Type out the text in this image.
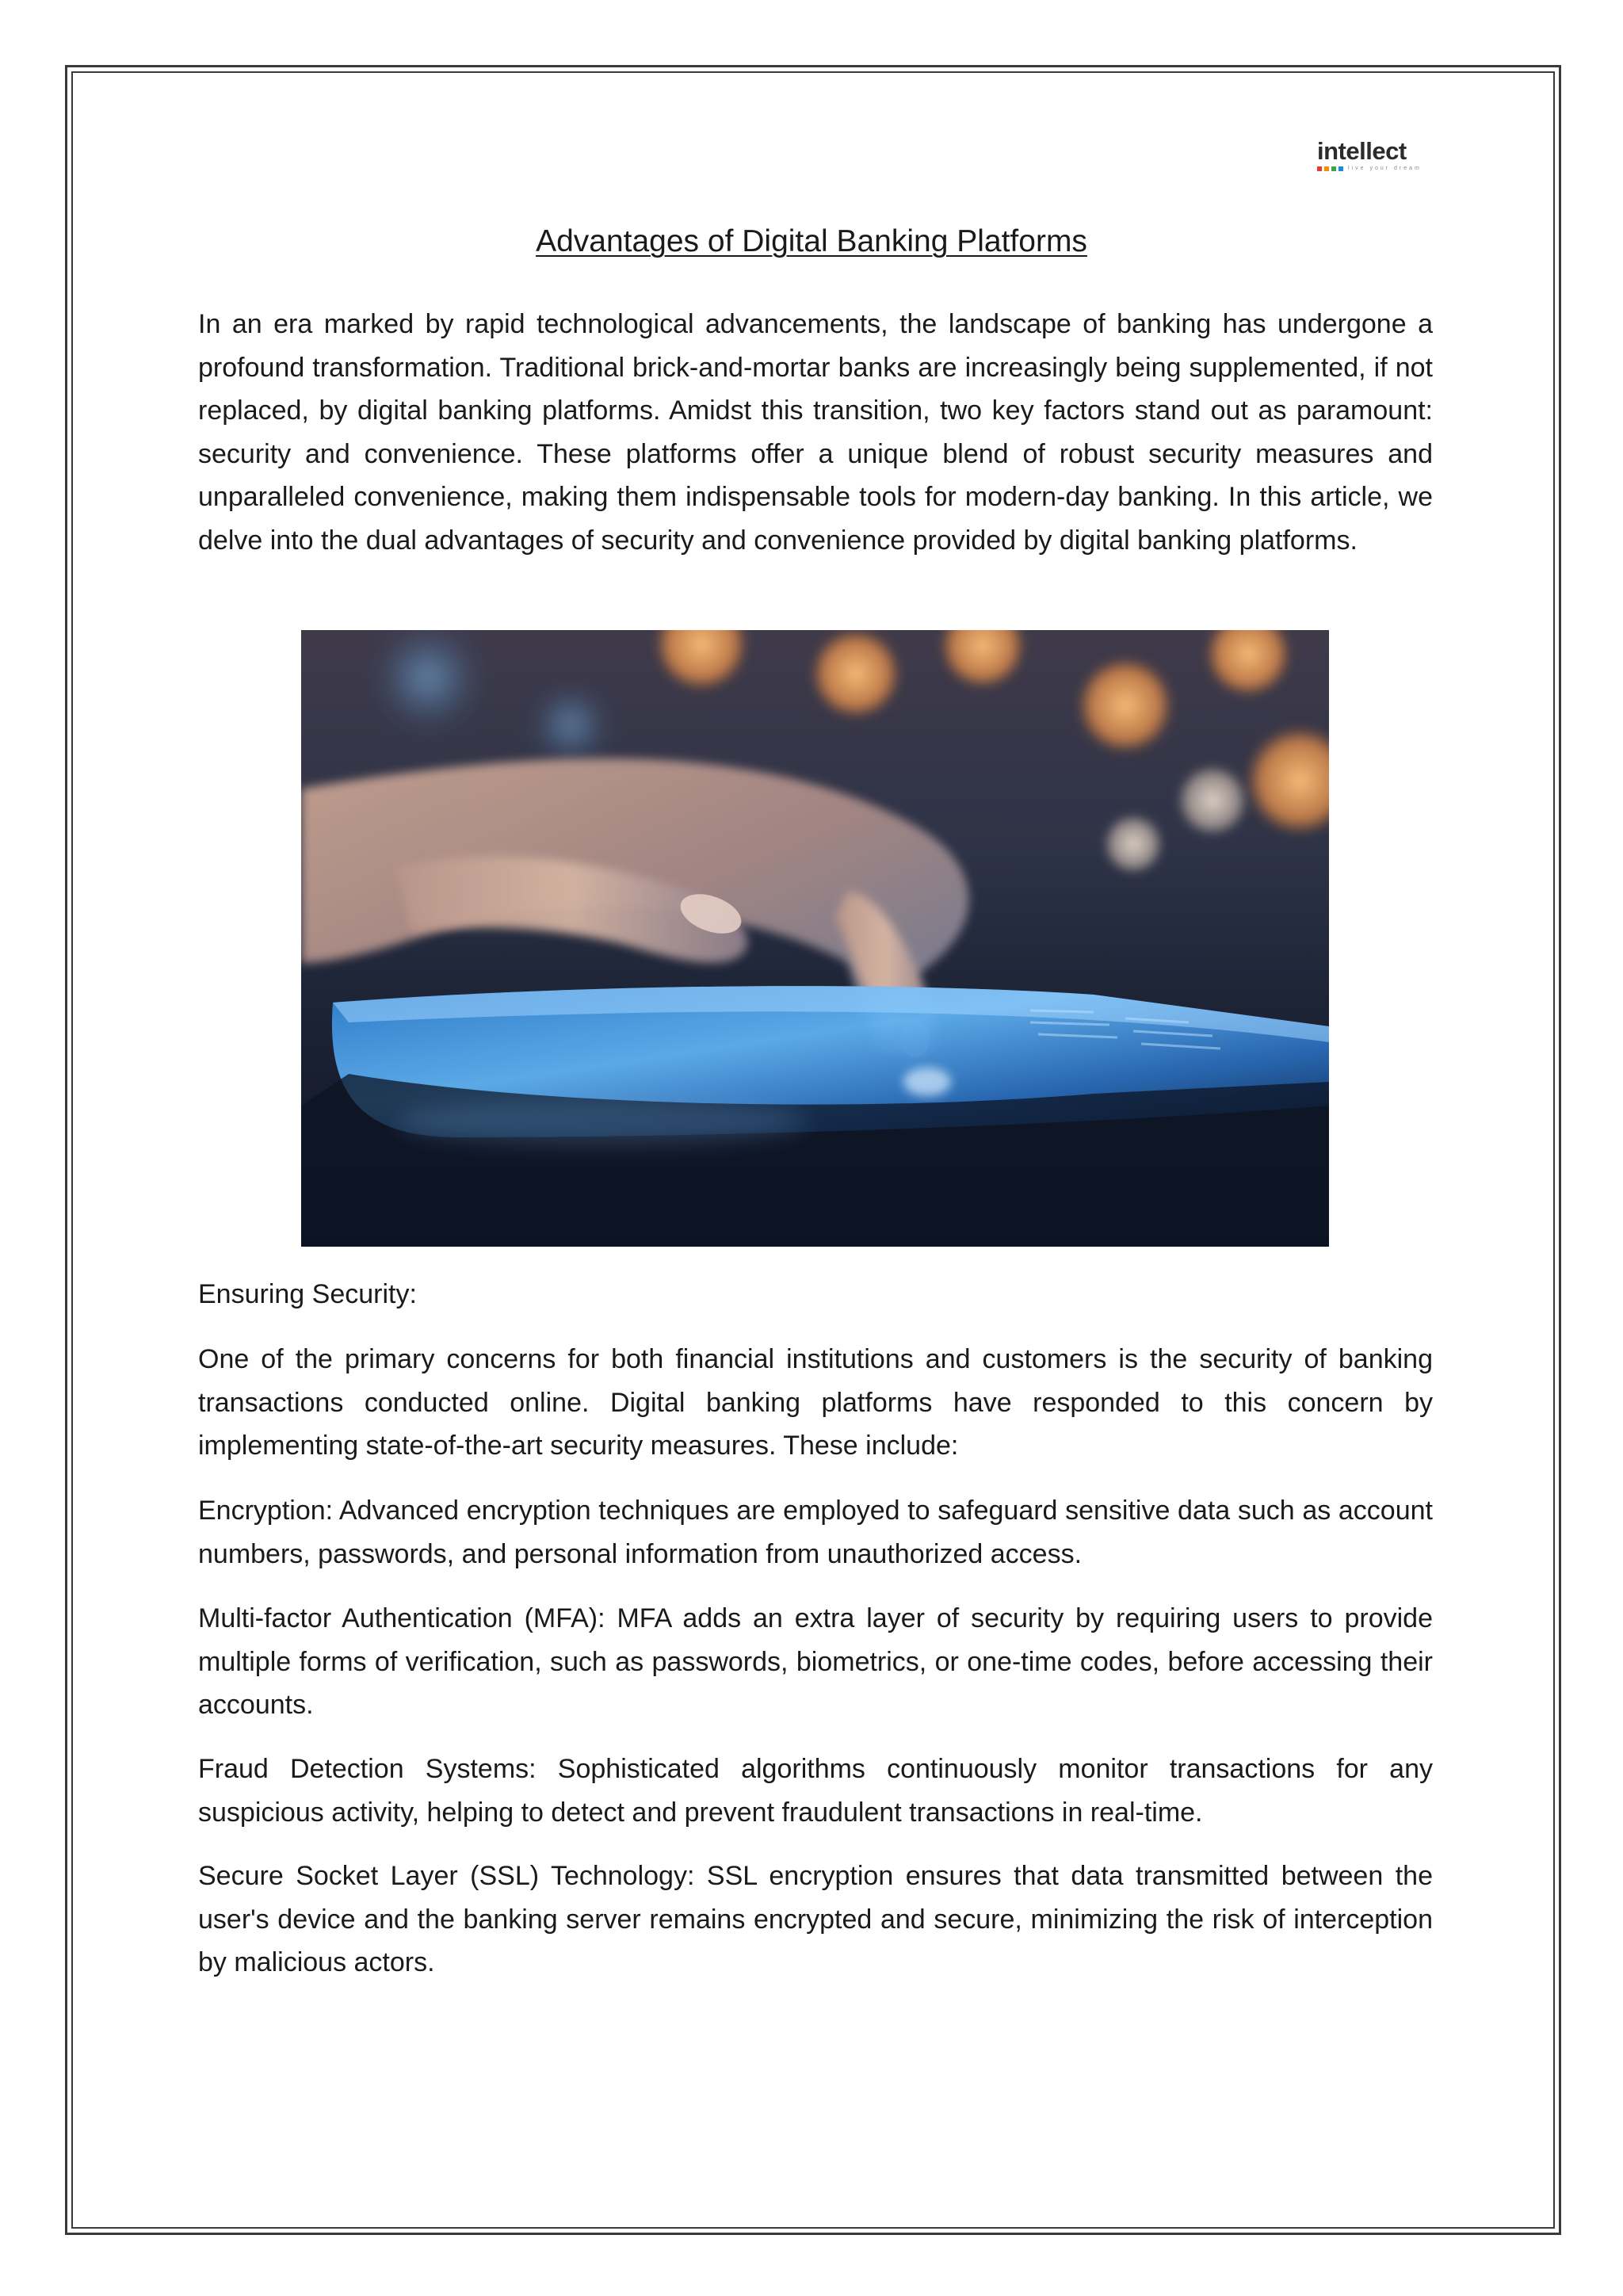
intellect
live your dream
Advantages of Digital Banking Platforms

In an era marked by rapid technological advancements, the landscape of banking has undergone a profound transformation. Traditional brick-and-mortar banks are increasingly being supplemented, if not replaced, by digital banking platforms. Amidst this transition, two key factors stand out as paramount: security and convenience. These platforms offer a unique blend of robust security measures and unparalleled convenience, making them indispensable tools for modern-day banking. In this article, we delve into the dual advantages of security and convenience provided by digital banking platforms.

Ensuring Security:

One of the primary concerns for both financial institutions and customers is the security of banking transactions conducted online. Digital banking platforms have responded to this concern by implementing state-of-the-art security measures. These include:

Encryption: Advanced encryption techniques are employed to safeguard sensitive data such as account numbers, passwords, and personal information from unauthorized access.

Multi-factor Authentication (MFA): MFA adds an extra layer of security by requiring users to provide multiple forms of verification, such as passwords, biometrics, or one-time codes, before accessing their accounts.

Fraud Detection Systems: Sophisticated algorithms continuously monitor transactions for any suspicious activity, helping to detect and prevent fraudulent transactions in real-time.

Secure Socket Layer (SSL) Technology: SSL encryption ensures that data transmitted between the user's device and the banking server remains encrypted and secure, minimizing the risk of interception by malicious actors.
